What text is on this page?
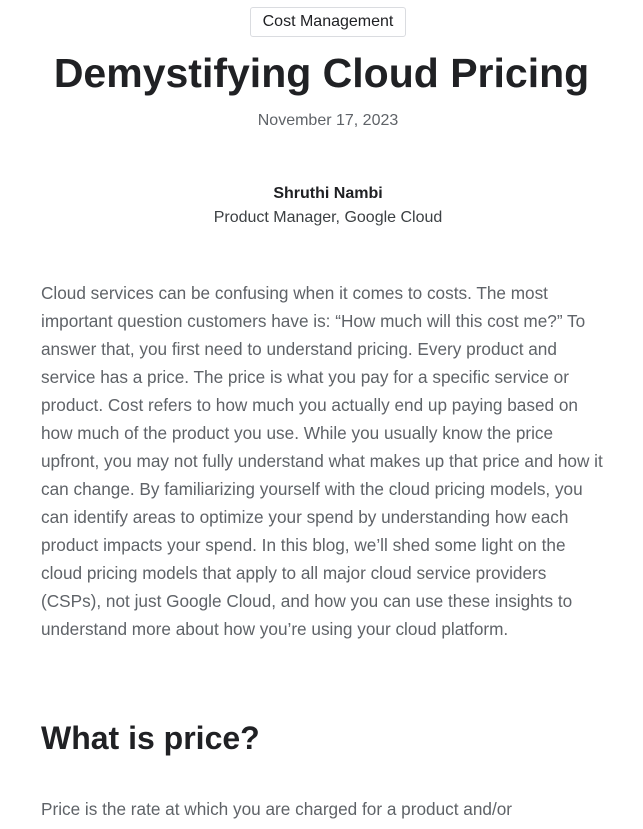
Cost Management
Demystifying Cloud Pricing
November 17, 2023
Shruthi Nambi
Product Manager, Google Cloud

Cloud services can be confusing when it comes to costs. The most important question customers have is: “How much will this cost me?” To answer that, you first need to understand pricing. Every product and service has a price. The price is what you pay for a specific service or product. Cost refers to how much you actually end up paying based on how much of the product you use. While you usually know the price upfront, you may not fully understand what makes up that price and how it can change. By familiarizing yourself with the cloud pricing models, you can identify areas to optimize your spend by understanding how each product impacts your spend. In this blog, we’ll shed some light on the cloud pricing models that apply to all major cloud service providers (CSPs), not just Google Cloud, and how you can use these insights to understand more about how you’re using your cloud platform.

What is price?

Price is the rate at which you are charged for a product and/or
